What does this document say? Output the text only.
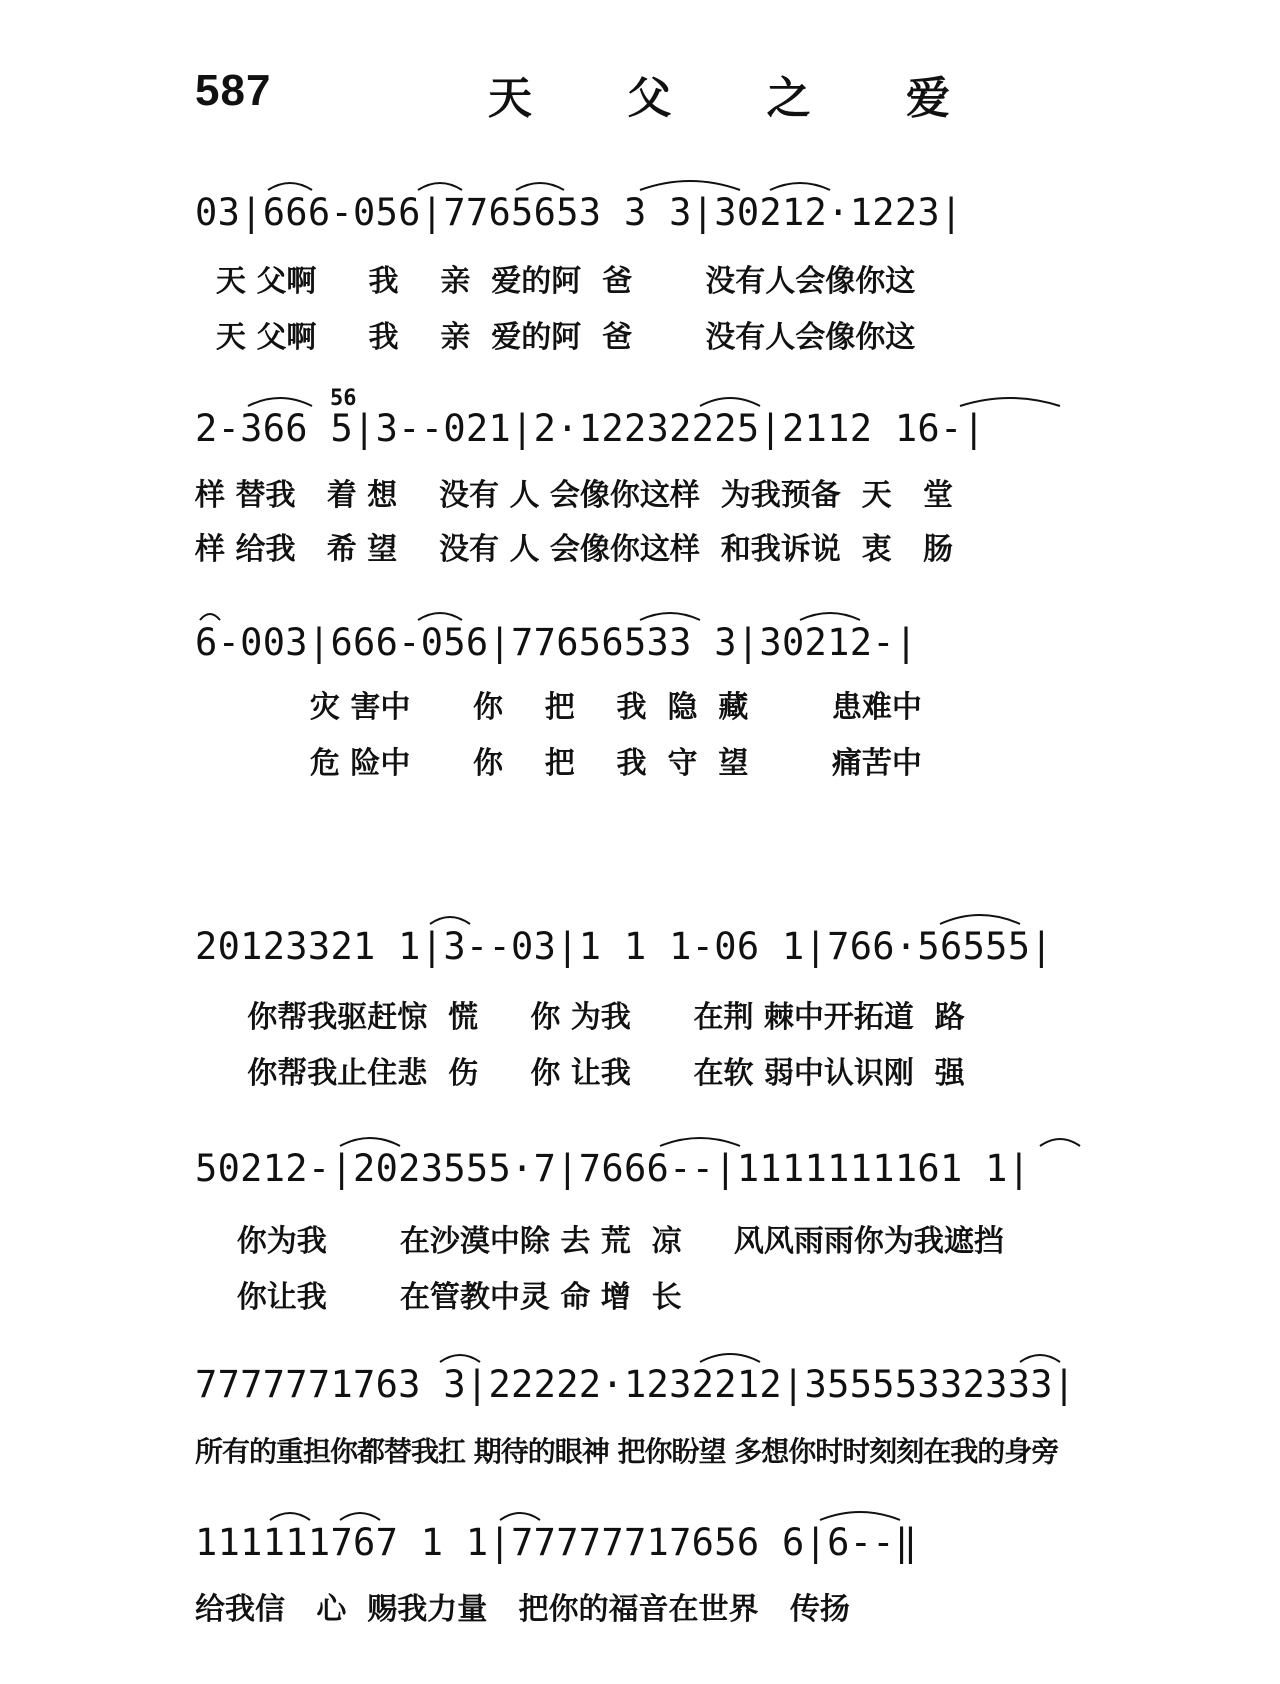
587	天 父 之 爱
03|666-056|7765653 3 3|30212·1223|
天 父啊     我    亲  爱的阿  爸       没有人会像你这
天 父啊     我    亲  爱的阿  爸       没有人会像你这
56
2-366 5|3--021|2·12232225|2112 16-|
样 替我   着 想    没有 人 会像你这样  为我预备  天   堂
样 给我   希 望    没有 人 会像你这样  和我诉说  衷   肠
6-003|666-056|77656533 3|30212-|
灾 害中      你    把    我  隐  藏        患难中
危 险中      你    把    我  守  望        痛苦中
20123321 1|3--03|1 1 1-06 1|766·56555|
你帮我驱赶惊  慌     你 为我      在荆 棘中开拓道  路
你帮我止住悲  伤     你 让我      在软 弱中认识刚  强
50212-|2023555·7|7666--|1111111161 1|
你为我       在沙漠中除 去 荒  凉     风风雨雨你为我遮挡
你让我       在管教中灵 命 增  长
7777771763 3|22222·1232212|35555332333|
所有的重担你都替我扛 期待的眼神 把你盼望 多想你时时刻刻在我的身旁
111111767 1 1|77777717656 6|6--‖
给我信   心  赐我力量   把你的福音在世界   传扬
